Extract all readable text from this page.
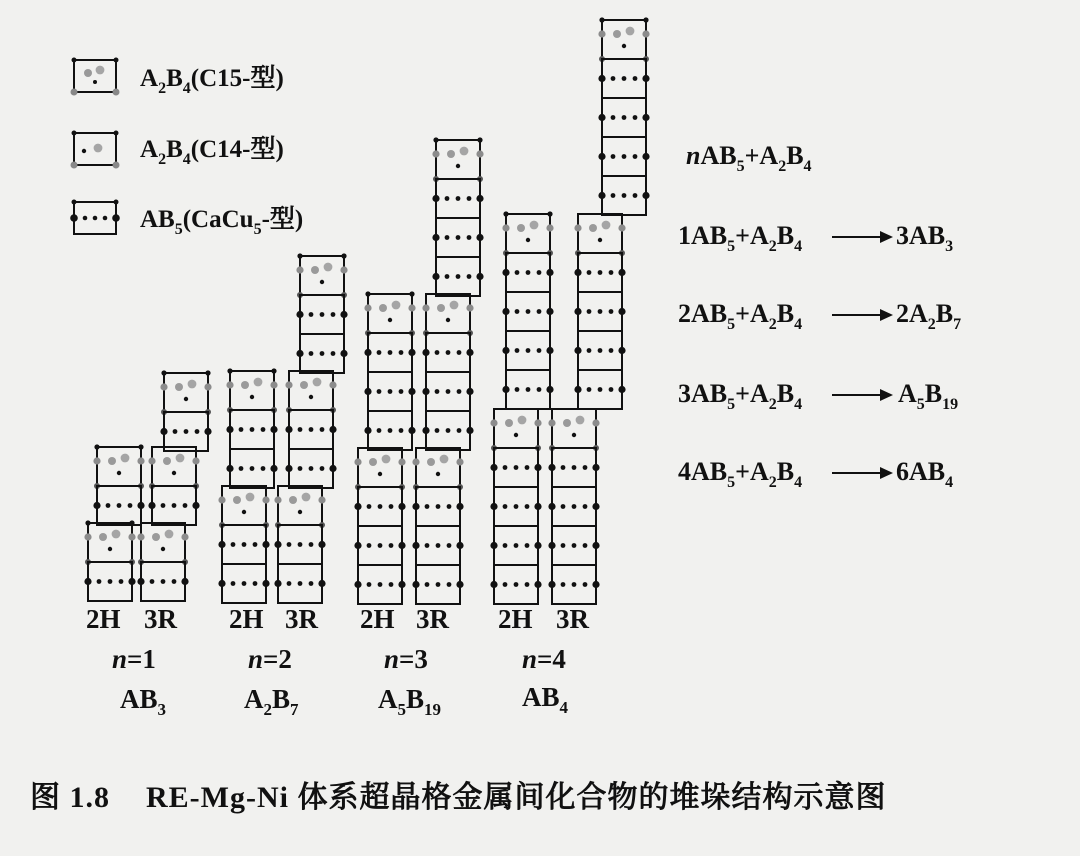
$A_2B_4(C15-$型)
$A_2B_4(C14-$型)
$AB_5(CaCu_5-$型)
2H 3R 2H 3R 2H 3R 2H 3R
n=1	n=2	n=3	n=4
$AB_3$	$A_2B_7$	$A_5B_{19}$	$AB_4$
$nAB_5+A_2B_4$
$1AB_5+A_2B_4$	$3AB_3$
$2AB_5+A_2B_4$	$2A_2B_7$
$3AB_5+A_2B_4$	$A_5B_{19}$
$4AB_5+A_2B_4$	$6AB_4$
图 1.8 RE-Mg-Ni 体系超晶格金属间化合物的堆垛结构示意图
